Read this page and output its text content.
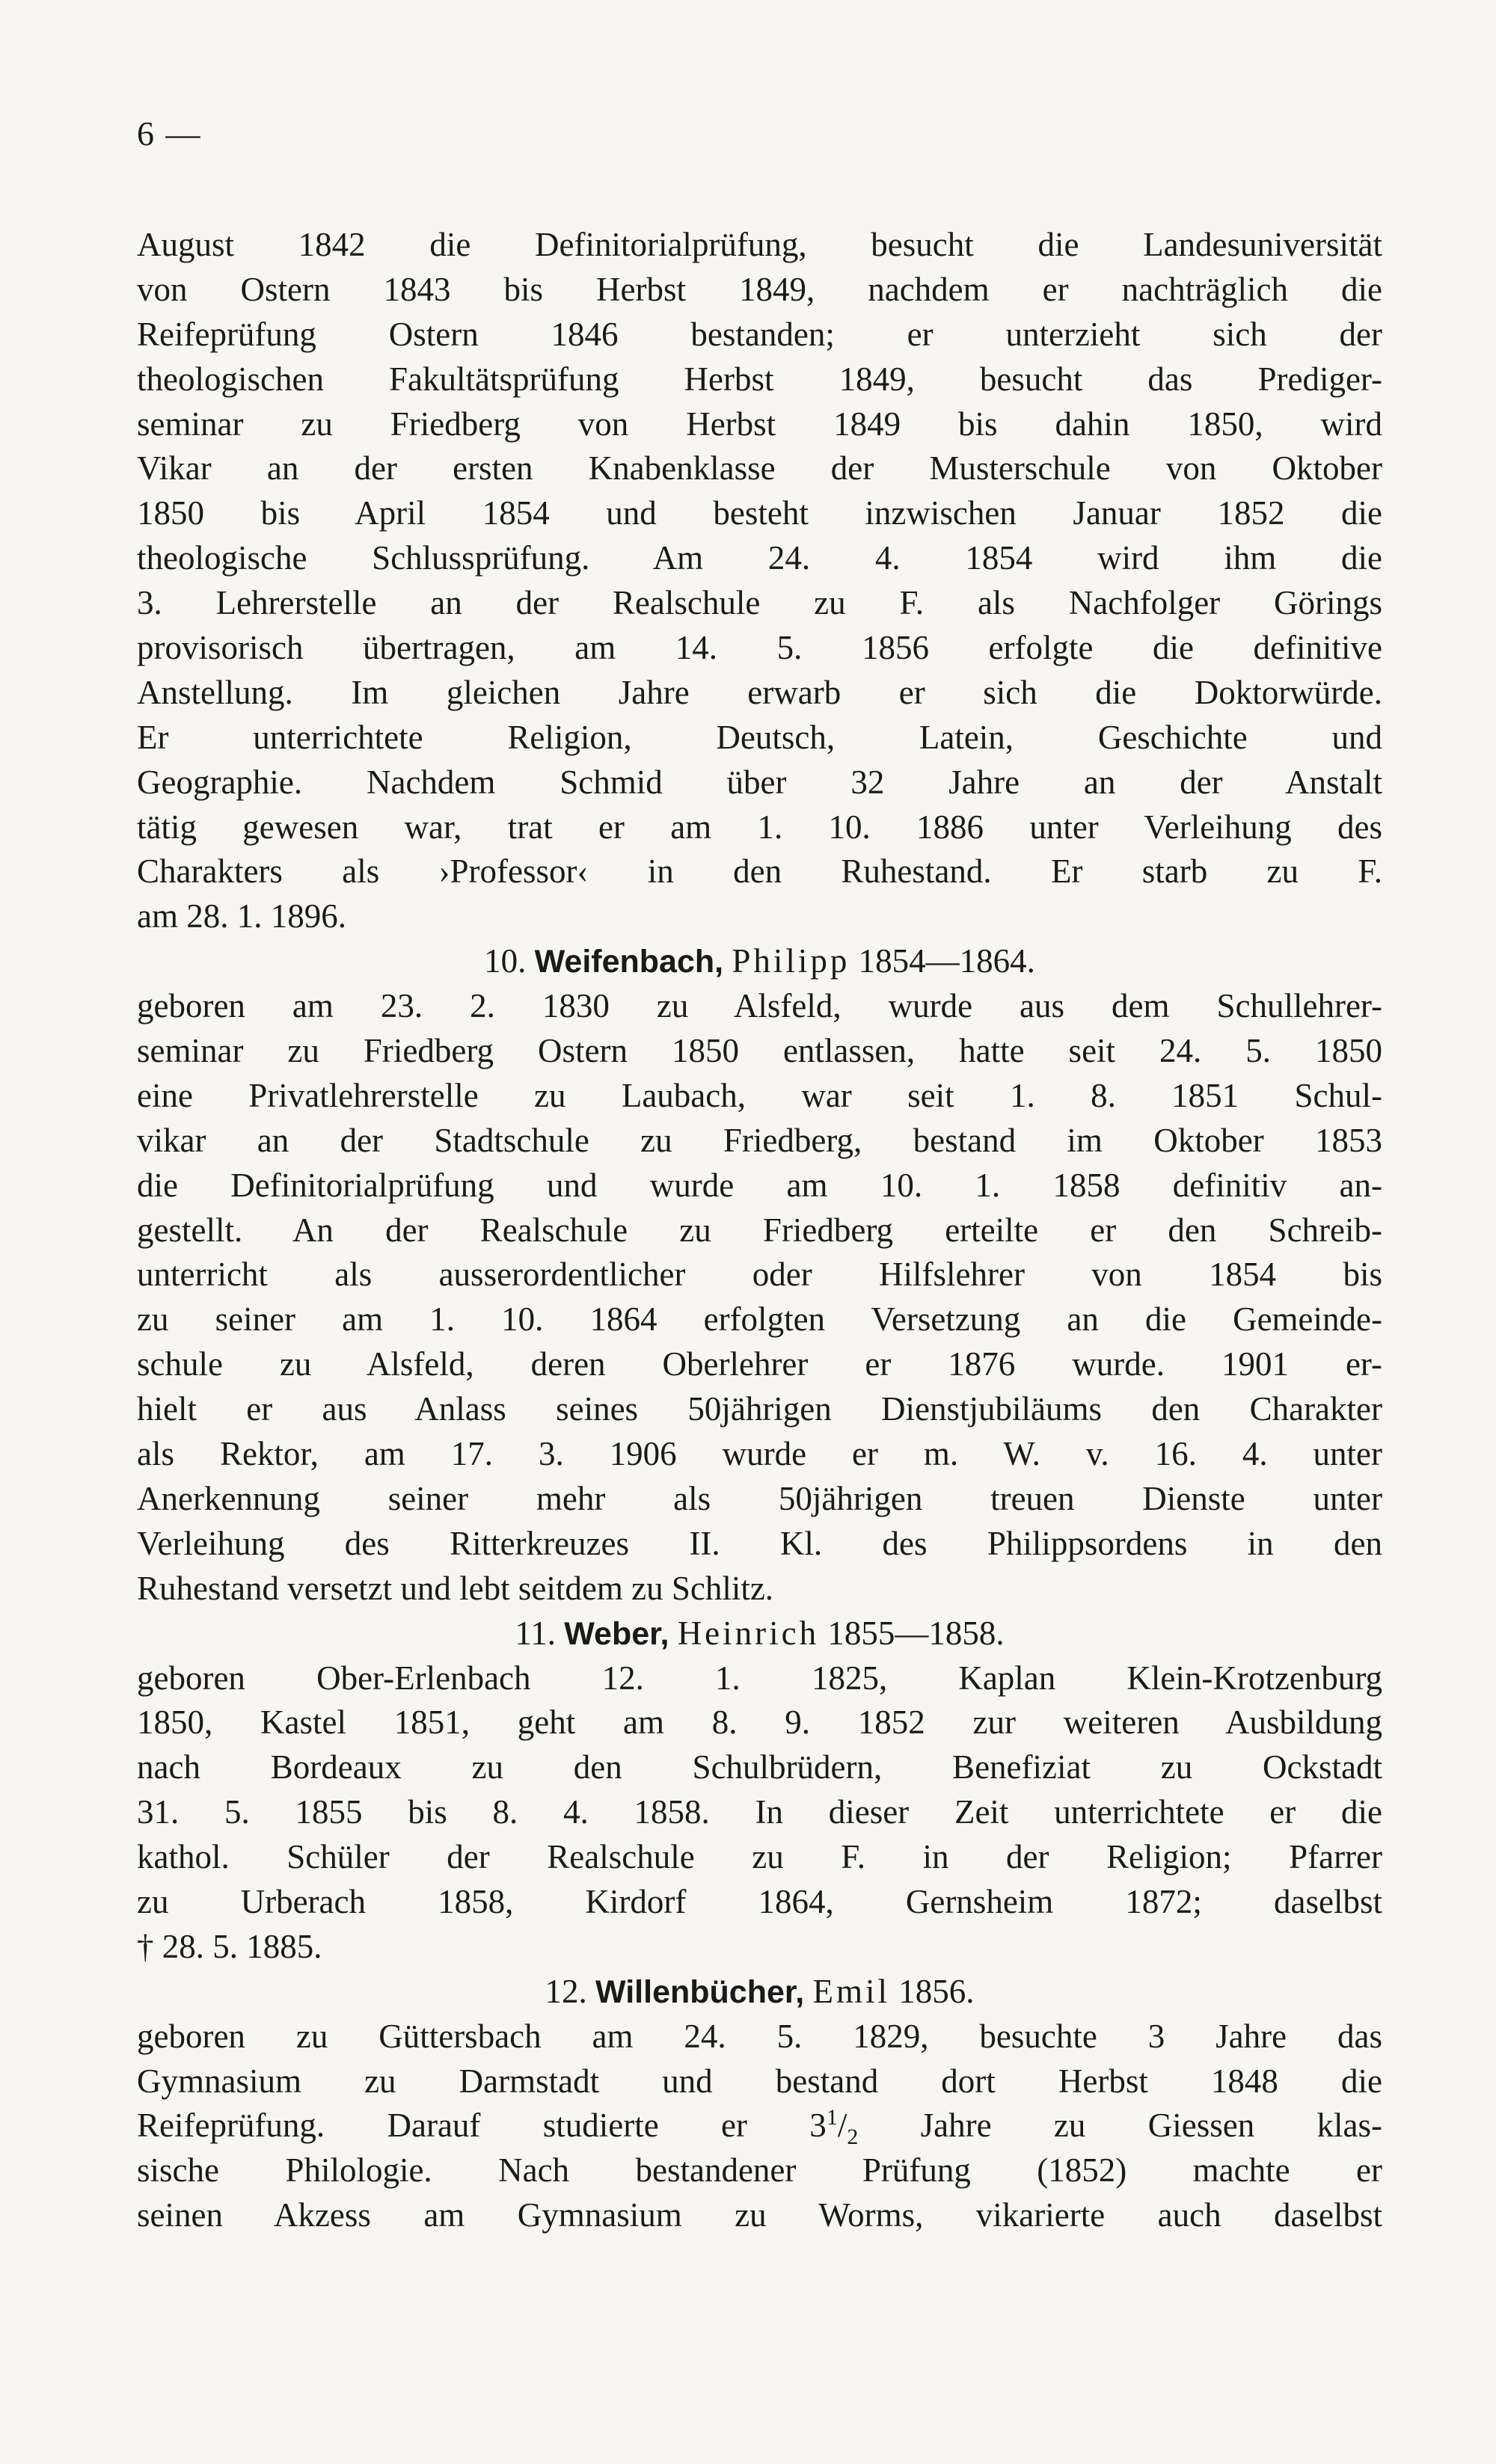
6 —
August 1842 die Definitorialprüfung, besucht die Landesuniversität
von Ostern 1843 bis Herbst 1849, nachdem er nachträglich die
Reifeprüfung Ostern 1846 bestanden; er unterzieht sich der
theologischen Fakultätsprüfung Herbst 1849, besucht das Prediger-
seminar zu Friedberg von Herbst 1849 bis dahin 1850, wird
Vikar an der ersten Knabenklasse der Musterschule von Oktober
1850 bis April 1854 und besteht inzwischen Januar 1852 die
theologische Schlussprüfung. Am 24. 4. 1854 wird ihm die
3. Lehrerstelle an der Realschule zu F. als Nachfolger Görings
provisorisch übertragen, am 14. 5. 1856 erfolgte die definitive
Anstellung. Im gleichen Jahre erwarb er sich die Doktorwürde.
Er unterrichtete Religion, Deutsch, Latein, Geschichte und
Geographie. Nachdem Schmid über 32 Jahre an der Anstalt
tätig gewesen war, trat er am 1. 10. 1886 unter Verleihung des
Charakters als ›Professor‹ in den Ruhestand. Er starb zu F.
am 28. 1. 1896.
10. Weifenbach, Philipp 1854—1864.
geboren am 23. 2. 1830 zu Alsfeld, wurde aus dem Schullehrer-
seminar zu Friedberg Ostern 1850 entlassen, hatte seit 24. 5. 1850
eine Privatlehrerstelle zu Laubach, war seit 1. 8. 1851 Schul-
vikar an der Stadtschule zu Friedberg, bestand im Oktober 1853
die Definitorialprüfung und wurde am 10. 1. 1858 definitiv an-
gestellt. An der Realschule zu Friedberg erteilte er den Schreib-
unterricht als ausserordentlicher oder Hilfslehrer von 1854 bis
zu seiner am 1. 10. 1864 erfolgten Versetzung an die Gemeinde-
schule zu Alsfeld, deren Oberlehrer er 1876 wurde. 1901 er-
hielt er aus Anlass seines 50jährigen Dienstjubiläums den Charakter
als Rektor, am 17. 3. 1906 wurde er m. W. v. 16. 4. unter
Anerkennung seiner mehr als 50jährigen treuen Dienste unter
Verleihung des Ritterkreuzes II. Kl. des Philippsordens in den
Ruhestand versetzt und lebt seitdem zu Schlitz.
11. Weber, Heinrich 1855—1858.
geboren Ober-Erlenbach 12. 1. 1825, Kaplan Klein-Krotzenburg
1850, Kastel 1851, geht am 8. 9. 1852 zur weiteren Ausbildung
nach Bordeaux zu den Schulbrüdern, Benefiziat zu Ockstadt
31. 5. 1855 bis 8. 4. 1858. In dieser Zeit unterrichtete er die
kathol. Schüler der Realschule zu F. in der Religion; Pfarrer
zu Urberach 1858, Kirdorf 1864, Gernsheim 1872; daselbst
† 28. 5. 1885.
12. Willenbücher, Emil 1856.
geboren zu Güttersbach am 24. 5. 1829, besuchte 3 Jahre das
Gymnasium zu Darmstadt und bestand dort Herbst 1848 die
Reifeprüfung. Darauf studierte er $3^1/_2$ Jahre zu Giessen klas-
sische Philologie. Nach bestandener Prüfung (1852) machte er
seinen Akzess am Gymnasium zu Worms, vikarierte auch daselbst
